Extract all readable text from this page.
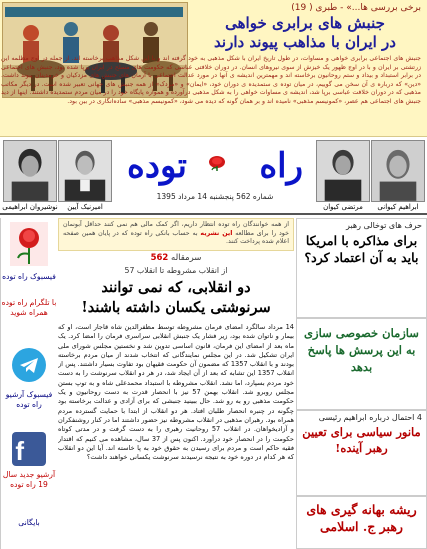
برخی بررسی ها...» - طبری ( 19)
جنبش های برابری خواهی
در ایران با مذاهب پیوند دارند
جنبش های اجتماعی برابری خواهی و مساوات، در طول تاریخ ایران با شکل مذهبی به خود گرفته اند و با این شکل مذاهب برخاسته اند. از جمله در اوج مظلمه این زرتشتی بر ایران و با در اوج ظهور یک خیزش از سوی نیروهای انسان. در دوران خلافتی عباسی که حکومت های مسلح در ایران برپا شده بود، جنبش های اجتماعی در برابر استبداد و بیداد و ستم روحانیون برخاسته اند و مهمترین اندیشه ی آنها در مورد عدالت اجتماعی با آرمان های جنبش های مزدکیان و خرمدینان پیوند داشت. «دین» که درباره ی آن سخن می گوییم، در میان توده ی ستمدیده ی دوران خود، «ایمان» و «مزدک» از همه جنبش های جهانی تعبیر شده است. در دیگر مکاتب مذهبی که در دوران خلافت عباسی برپا شد، اندیشه ی مساوات خواهی را به شکل مذهبی درآورده و همواره پایگاه خود را در میان مردم ستمدیده داشتند. اینها از دید جنبش های اجتماعی هم عصر، «کمونیسم مذهبی» نامیده اند و بر همان گونه که دیده می شود، «کمونیسم مذهبی» ساده‌انگاری در بین بود.
ابراهیم کیوانی
مرتضی کیوان
راه
توده
شماره 562 پنجشنبه 14 مرداد 1395
امیرنیک آیین
نوشیروان ابراهیمی
فیسبوک راه توده
با تلگرام راه توده همراه شوید
فیسبوک آرشیو راه توده
f
آرشیو جدید سال 19 راه توده
بایگانی
از همه خوانندگان راه توده انتظار داریم، اگر کمک مالی هم نمی کنند حداقل آبونمان خود را برای مطالعه این نشریه به حساب بانکی راه توده که در پایان همین صفحه اعلام شده پرداخت کنند.
سرمقاله 562
از انقلاب مشروطه تا انقلاب 57
دو انقلابی، که نمی توانند
سرنوشتی یکسان داشته باشند!
14 مرداد سالگرد امضای فرمان مشروطه توسط مظفرالدین شاه قاجار است، او که بیمار و ناتوان شده بود، زیر فشار یک جنبش انقلابی سراسری فرمان را امضا کرد. یک ماه بعد از امضای این فرمان، قانون اساسی تدوین شد و نخستین مجلس شورای ملی ایران تشکیل شد. در این مجلس نمایندگانی که انتخاب شدند از میان مردم برخاسته بودند و با انقلاب 1357 که مضمون آن حکومت فقیهان بود تفاوت بسیار داشتند. پس از انقلاب 1357 این تشابه که بعد از آن ایجاد شد، در هر دو انقلاب سرنوشت را به دست خود مردم بسپارد، اما نشد. انقلاب مشروطه با استبداد محمدعلی شاه و به توپ بستن مجلس روبرو شد. انقلاب بهمن 57 نیز با انحصار قدرت به دست روحانیون و یک حکومت مذهبی رو به رو شد. حال ببینید جنبشی که برای آزادی و عدالت برخاسته بود چگونه در چنبره انحصار طلبان افتاد. هر دو انقلاب از ابتدا با حمایت گسترده مردم همراه بود. رهبران مذهبی در انقلاب مشروطه نیز حضور داشتند اما در کنار روشنفکران و آزادیخواهان. در انقلاب 57 روحانیت رهبری را به دست گرفت و در مدتی کوتاه حکومت را در انحصار خود درآورد. اکنون پس از 37 سال، مشاهده می کنیم که اقتدار فقیه حاکم است و مردم برای رسیدن به حقوق خود به پا خاسته اند. آیا این دو انقلاب که هر کدام در دوره خود به نتیجه نرسیدند سرنوشت یکسانی خواهند داشت؟
حرف های توخالی رهبر
برای مذاکره با امریکا باید به آن اعتماد کرد؟
سازمان خصوصی سازی به این پرسش ها پاسخ بدهد
4 احتمال درباره ابراهیم رئیسی
مانور سیاسی برای تعیین رهبر آینده!
ریشه بهانه گیری های رهبر ج. اسلامی
